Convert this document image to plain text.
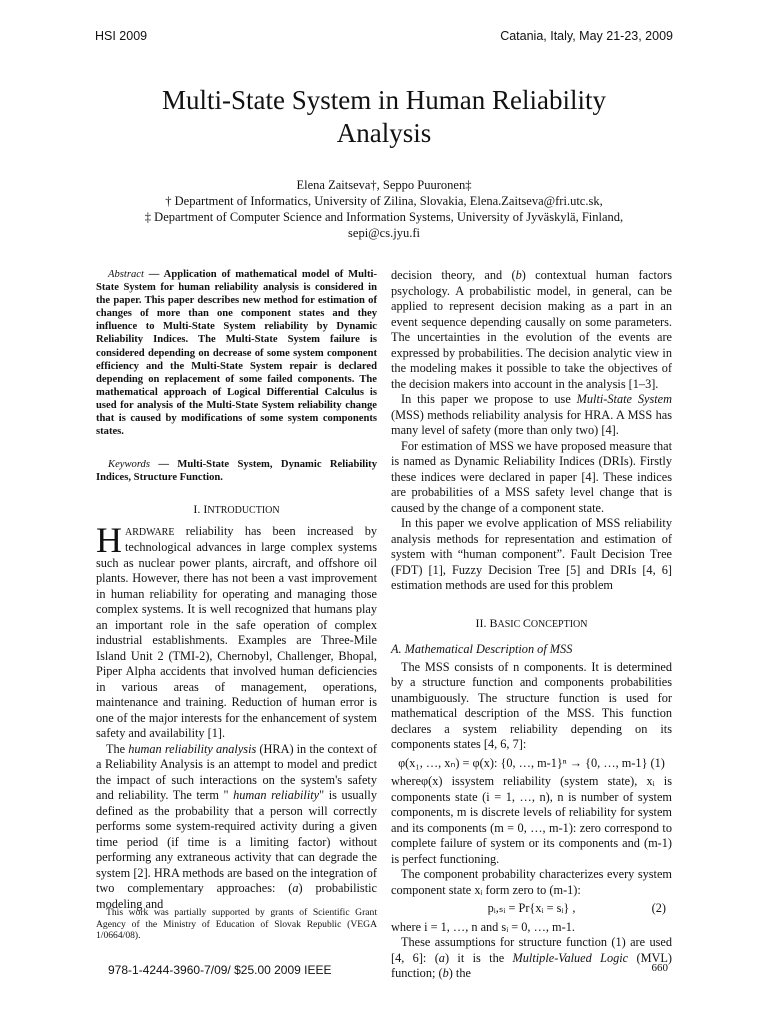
HSI 2009	Catania, Italy, May 21-23, 2009
Multi-State System in Human Reliability
Analysis
Elena Zaitseva†, Seppo Puuronen‡
† Department of Informatics, University of Zilina, Slovakia, Elena.Zaitseva@fri.utc.sk,
‡ Department of Computer Science and Information Systems, University of Jyväskylä, Finland,
sepi@cs.jyu.fi

Abstract — Application of mathematical model of Multi-State System for human reliability analysis is considered in the paper. This paper describes new method for estimation of changes of more than one component states and they influence to Multi-State System reliability by Dynamic Reliability Indices. The Multi-State System failure is considered depending on decrease of some system component efficiency and the Multi-State System repair is declared depending on replacement of some failed components. The mathematical approach of Logical Differential Calculus is used for analysis of the Multi-State System reliability change that is caused by modifications of some system components states.

Keywords — Multi-State System, Dynamic Reliability Indices, Structure Function.

I. INTRODUCTION

HARDWARE reliability has been increased by technological advances in large complex systems such as nuclear power plants, aircraft, and offshore oil plants. However, there has not been a vast improvement in human reliability for operating and managing those complex systems. It is well recognized that humans play an important role in the safe operation of complex industrial establishments. Examples are Three-Mile Island Unit 2 (TMI-2), Chernobyl, Challenger, Bhopal, Piper Alpha accidents that involved human deficiencies in various areas of management, operations, maintenance and training. Reduction of human error is one of the major interests for the enhancement of system safety and availability [1].

The human reliability analysis (HRA) in the context of a Reliability Analysis is an attempt to model and predict the impact of such interactions on the system's safety and reliability. The term " human reliability" is usually defined as the probability that a person will correctly performs some system-required activity during a given time period (if time is a limiting factor) without performing any extraneous activity that can degrade the system [2]. HRA methods are based on the integration of two complementary approaches: (a) probabilistic modeling and

This work was partially supported by grants of Scientific Grant Agency of the Ministry of Education of Slovak Republic (VEGA 1/0664/08).

decision theory, and (b) contextual human factors psychology. A probabilistic model, in general, can be applied to represent decision making as a part in an event sequence depending causally on some parameters. The uncertainties in the evolution of the events are expressed by probabilities. The decision analytic view in the modeling makes it possible to take the objectives of the decision makers into account in the analysis [1–3].

In this paper we propose to use Multi-State System (MSS) methods reliability analysis for HRA. A MSS has many level of safety (more than only two) [4].

For estimation of MSS we have proposed measure that is named as Dynamic Reliability Indices (DRIs). Firstly these indices were declared in paper [4]. These indices are probabilities of a MSS safety level change that is caused by the change of a component state.

In this paper we evolve application of MSS reliability analysis methods for representation and estimation of system with “human component”. Fault Decision Tree (FDT) [1], Fuzzy Decision Tree [5] and DRIs [4, 6] estimation methods are used for this problem

II. BASIC CONCEPTION
A. Mathematical Description of MSS

The MSS consists of n components. It is determined by a structure function and components probabilities unambiguously. The structure function is used for mathematical description of the MSS. This function declares a system reliability depending on its components states [4, 6, 7]:

φ(x₁, …, xₙ) = φ(x): {0, …, m-1}ⁿ → {0, …, m-1} (1)

whereφ(x) issystem reliability (system state), xᵢ is components state (i = 1, …, n), n is number of system components, m is discrete levels of reliability for system and its components (m = 0, …, m-1): zero correspond to complete failure of system or its components and (m-1) is perfect functioning.

The component probability characterizes every system component state xᵢ form zero to (m-1):

pᵢ,ₛᵢ = Pr{xᵢ = sᵢ} ,	(2)

where i = 1, …, n and sᵢ = 0, …, m-1.

These assumptions for structure function (1) are used [4, 6]: (a) it is the Multiple-Valued Logic (MVL) function; (b) the

978-1-4244-3960-7/09/ $25.00 2009 IEEE	660
